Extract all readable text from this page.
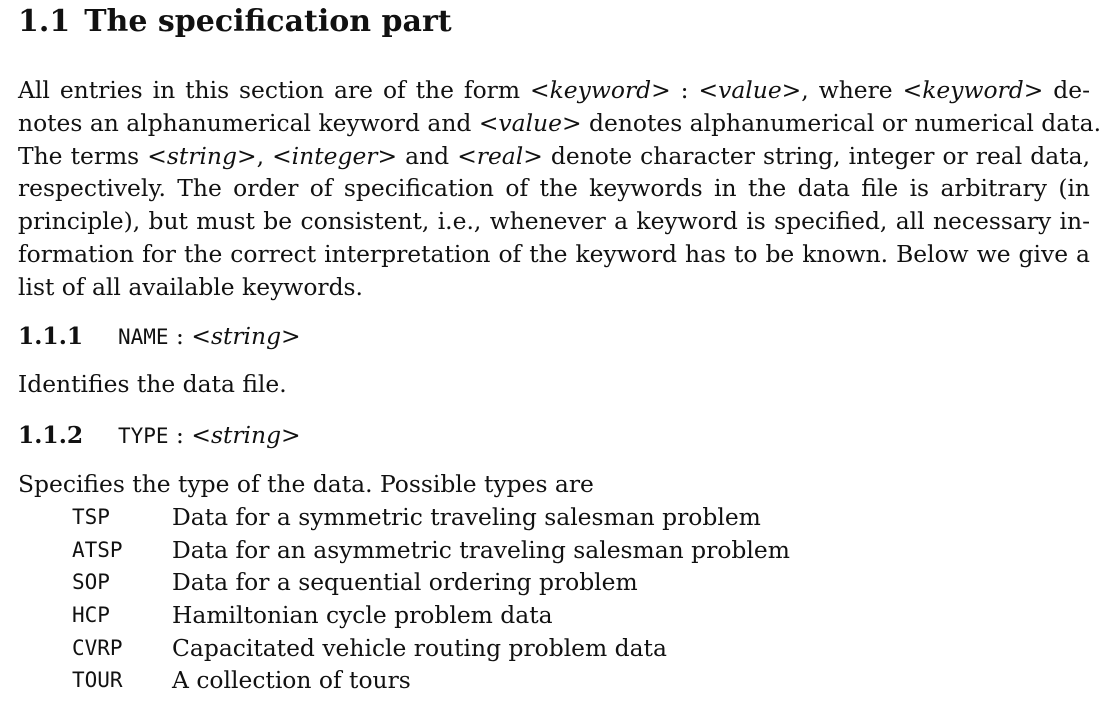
1.1 The specification part

All entries in this section are of the form <keyword> : <value>, where <keyword> de-
notes an alphanumerical keyword and <value> denotes alphanumerical or numerical data.
The terms <string>, <integer> and <real> denote character string, integer or real data,
respectively. The order of specification of the keywords in the data file is arbitrary (in
principle), but must be consistent, i.e., whenever a keyword is specified, all necessary in-
formation for the correct interpretation of the keyword has to be known. Below we give a
list of all available keywords.

1.1.1 NAME : <string>

Identifies the data file.

1.1.2 TYPE : <string>

Specifies the type of the data. Possible types are

TSP	Data for a symmetric traveling salesman problem
ATSP	Data for an asymmetric traveling salesman problem
SOP	Data for a sequential ordering problem
HCP	Hamiltonian cycle problem data
CVRP	Capacitated vehicle routing problem data
TOUR	A collection of tours
